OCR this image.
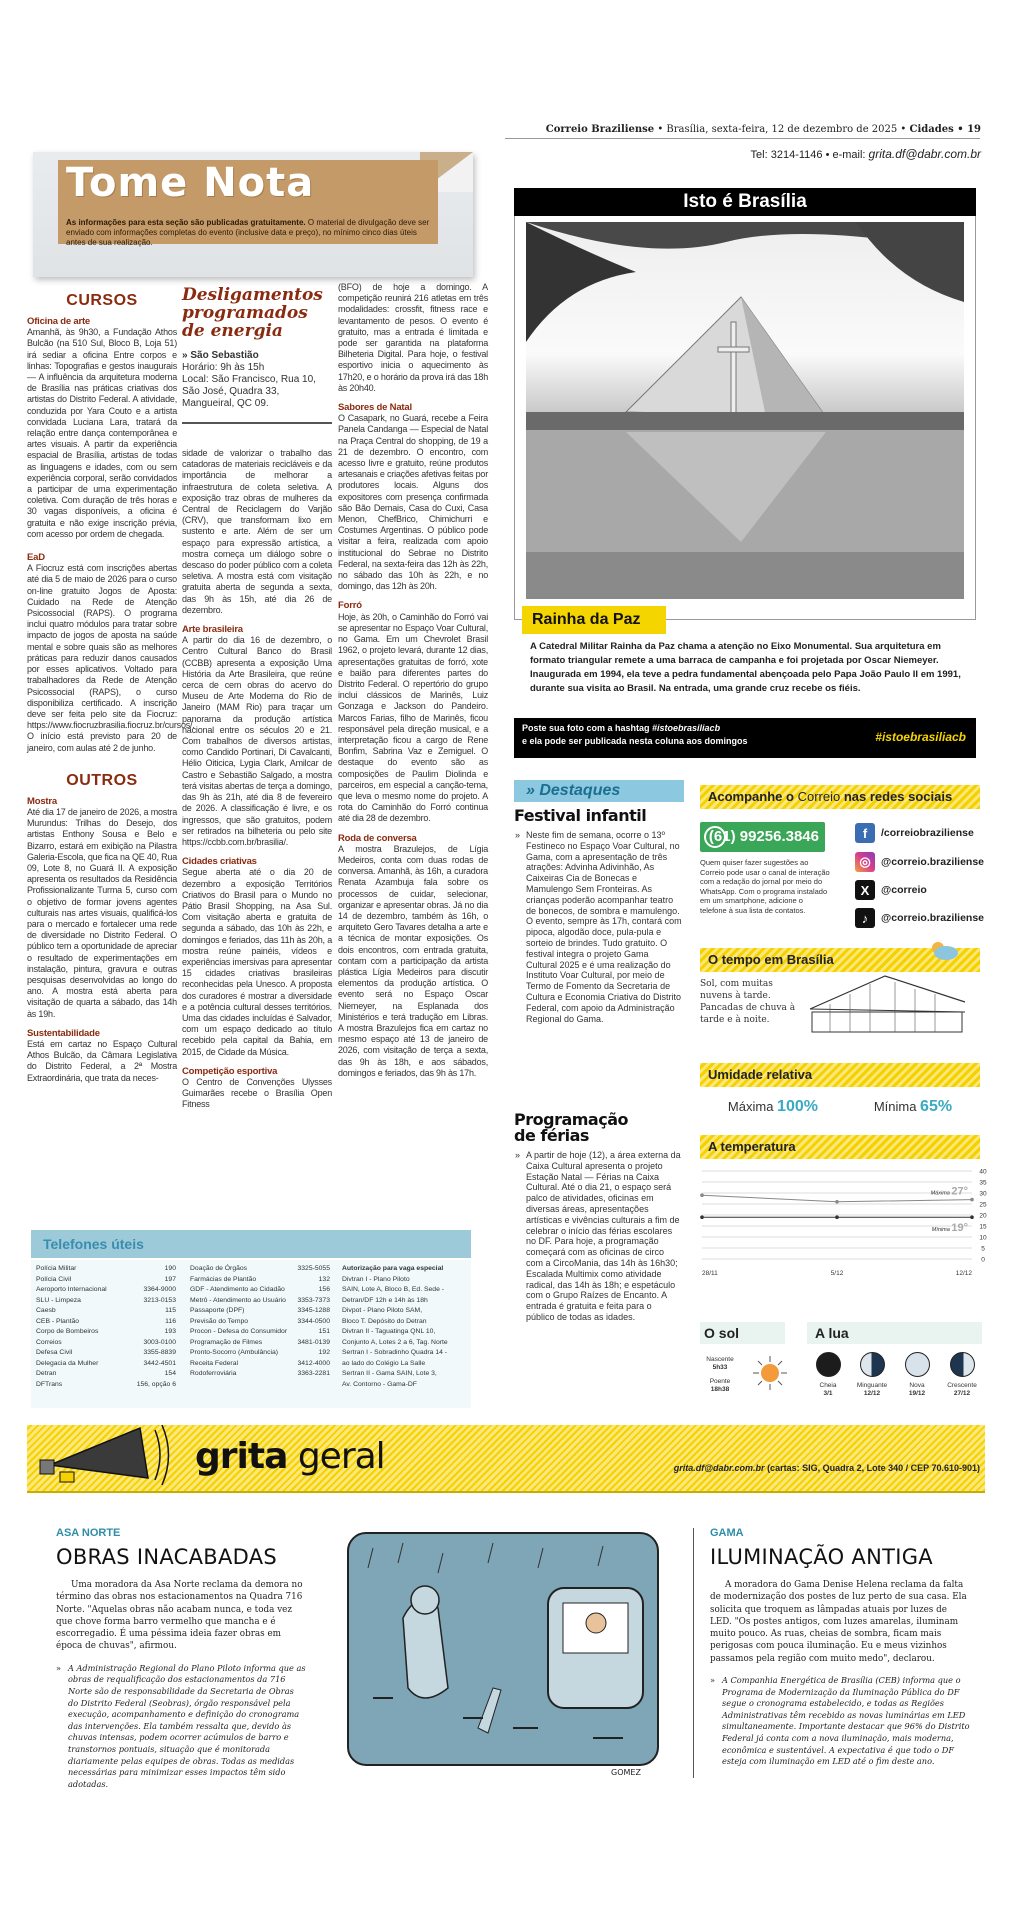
Correio Braziliense • Brasília, sexta-feira, 12 de dezembro de 2025 • Cidades • 19
Tel: 3214-1146 • e-mail: grita.df@dabr.com.br
Tome Nota
As informações para esta seção são publicadas gratuitamente. O material de divulgação deve ser enviado com informações completas do evento (inclusive data e preço), no mínimo cinco dias úteis antes de sua realização.
CURSOS
Oficina de arte
Amanhã, às 9h30, a Fundação Athos Bulcão (na 510 Sul, Bloco B, Loja 51) irá sediar a oficina Entre corpos e linhas: Topografias e gestos inaugurais — A influência da arquitetura moderna de Brasília nas práticas criativas dos artistas do Distrito Federal. A atividade, conduzida por Yara Couto e a artista convidada Luciana Lara, tratará da relação entre dança contemporânea e artes visuais. A partir da experiência espacial de Brasília, artistas de todas as linguagens e idades, com ou sem experiência corporal, serão convidados a participar de uma experimentação coletiva. Com duração de três horas e 30 vagas disponíveis, a oficina é gratuita e não exige inscrição prévia, com acesso por ordem de chegada.
EaD
A Fiocruz está com inscrições abertas até dia 5 de maio de 2026 para o curso on-line gratuito Jogos de Aposta: Cuidado na Rede de Atenção Psicossocial (RAPS). O programa inclui quatro módulos para tratar sobre impacto de jogos de aposta na saúde mental e sobre quais são as melhores práticas para reduzir danos causados por esses aplicativos. Voltado para trabalhadores da Rede de Atenção Psicossocial (RAPS), o curso disponibiliza certificado. A inscrição deve ser feita pelo site da Fiocruz: https://www.fiocruzbrasilia.fiocruz.br/cursos/. O início está previsto para 20 de janeiro, com aulas até 2 de junho.
OUTROS
Mostra
Até dia 17 de janeiro de 2026, a mostra Murundus: Trilhas do Desejo, dos artistas Enthony Sousa e Belo e Bizarro, estará em exibição na Pilastra Galeria-Escola, que fica na QE 40, Rua 09, Lote 8, no Guará II. A exposição apresenta os resultados da Residência Profissionalizante Turma 5, curso com o objetivo de formar jovens agentes culturais nas artes visuais, qualificá-los para o mercado e fortalecer uma rede de diversidade no Distrito Federal. O público tem a oportunidade de apreciar o resultado de experimentações em instalação, pintura, gravura e outras pesquisas desenvolvidas ao longo do ano. A mostra está aberta para visitação de quarta a sábado, das 14h às 19h.
Sustentabilidade
Está em cartaz no Espaço Cultural Athos Bulcão, da Câmara Legislativa do Distrito Federal, a 2ª Mostra Extraordinária, que trata da neces-
Desligamentos programados de energia
» São Sebastião
Horário: 9h às 15h
Local: São Francisco, Rua 10, São José, Quadra 33, Mangueiral, QC 09.
sidade de valorizar o trabalho das catadoras de materiais recicláveis e da importância de melhorar a infraestrutura de coleta seletiva. A exposição traz obras de mulheres da Central de Reciclagem do Varjão (CRV), que transformam lixo em sustento e arte. Além de ser um espaço para expressão artística, a mostra começa um diálogo sobre o descaso do poder público com a coleta seletiva. A mostra está com visitação gratuita aberta de segunda a sexta, das 9h às 15h, até dia 26 de dezembro.
Arte brasileira
A partir do dia 16 de dezembro, o Centro Cultural Banco do Brasil (CCBB) apresenta a exposição Uma História da Arte Brasileira, que reúne cerca de cem obras do acervo do Museu de Arte Moderna do Rio de Janeiro (MAM Rio) para traçar um panorama da produção artística nacional entre os séculos 20 e 21. Com trabalhos de diversos artistas, como Candido Portinari, Di Cavalcanti, Hélio Oiticica, Lygia Clark, Amilcar de Castro e Sebastião Salgado, a mostra terá visitas abertas de terça a domingo, das 9h às 21h, até dia 8 de fevereiro de 2026. A classificação é livre, e os ingressos, que são gratuitos, podem ser retirados na bilheteria ou pelo site https://ccbb.com.br/brasilia/.
Cidades criativas
Segue aberta até o dia 20 de dezembro a exposição Territórios Criativos do Brasil para o Mundo no Pátio Brasil Shopping, na Asa Sul. Com visitação aberta e gratuita de segunda a sábado, das 10h às 22h, e domingos e feriados, das 11h às 20h, a mostra reúne painéis, vídeos e experiências imersivas para apresentar 15 cidades criativas brasileiras reconhecidas pela Unesco. A proposta dos curadores é mostrar a diversidade e a potência cultural desses territórios. Uma das cidades incluídas é Salvador, com um espaço dedicado ao título recebido pela capital da Bahia, em 2015, de Cidade da Música.
Competição esportiva
O Centro de Convenções Ulysses Guimarães recebe o Brasília Open Fitness
(BFO) de hoje a domingo. A competição reunirá 216 atletas em três modalidades: crossfit, fitness race e levantamento de pesos. O evento é gratuito, mas a entrada é limitada e pode ser garantida na plataforma Bilheteria Digital. Para hoje, o festival esportivo inicia o aquecimento às 17h20, e o horário da prova irá das 18h às 20h40.
Sabores de Natal
O Casapark, no Guará, recebe a Feira Panela Candanga — Especial de Natal na Praça Central do shopping, de 19 a 21 de dezembro. O encontro, com acesso livre e gratuito, reúne produtos artesanais e criações afetivas feitas por produtores locais. Alguns dos expositores com presença confirmada são Bão Demais, Casa do Cuxi, Casa Menon, ChefBrico, Chimichurri e Costumes Argentinas. O público pode visitar a feira, realizada com apoio institucional do Sebrae no Distrito Federal, na sexta-feira das 12h às 22h, no sábado das 10h às 22h, e no domingo, das 12h às 20h.
Forró
Hoje, às 20h, o Caminhão do Forró vai se apresentar no Espaço Voar Cultural, no Gama. Em um Chevrolet Brasil 1962, o projeto levará, durante 12 dias, apresentações gratuitas de forró, xote e baião para diferentes partes do Distrito Federal. O repertório do grupo inclui clássicos de Marinês, Luiz Gonzaga e Jackson do Pandeiro. Marcos Farias, filho de Marinês, ficou responsável pela direção musical, e a interpretação ficou a cargo de Rene Bonfim, Sabrina Vaz e Zemiguel. O destaque do evento são as composições de Paulim Diolinda e parceiros, em especial a canção-tema, que leva o mesmo nome do projeto. A rota do Caminhão do Forró continua até dia 28 de dezembro.
Roda de conversa
A mostra Brazulejos, de Lígia Medeiros, conta com duas rodas de conversa. Amanhã, às 16h, a curadora Renata Azambuja fala sobre os processos de cuidar, selecionar, organizar e apresentar obras. Já no dia 14 de dezembro, também às 16h, o arquiteto Gero Tavares detalha a arte e a técnica de montar exposições. Os dois encontros, com entrada gratuita, contam com a participação da artista plástica Lígia Medeiros para discutir elementos da produção artística. O evento será no Espaço Oscar Niemeyer, na Esplanada dos Ministérios e terá tradução em Libras. A mostra Brazulejos fica em cartaz no mesmo espaço até 13 de janeiro de 2026, com visitação de terça a sexta, das 9h às 18h, e aos sábados, domingos e feriados, das 9h às 17h.
Isto é Brasília
Rainha da Paz
A Catedral Militar Rainha da Paz chama a atenção no Eixo Monumental. Sua arquitetura em formato triangular remete a uma barraca de campanha e foi projetada por Oscar Niemeyer. Inaugurada em 1994, ela teve a pedra fundamental abençoada pelo Papa João Paulo II em 1991, durante sua visita ao Brasil. Na entrada, uma grande cruz recebe os fiéis.
Poste sua foto com a hashtag #istoebrasiliacb
e ela pode ser publicada nesta coluna aos domingos	#istoebrasiliacb
» Destaques
Festival infantil
» Neste fim de semana, ocorre o 13º Festineco no Espaço Voar Cultural, no Gama, com a apresentação de três atrações: Advinha Adivinhão, As Caixeiras Cia de Bonecas e Mamulengo Sem Fronteiras. As crianças poderão acompanhar teatro de bonecos, de sombra e mamulengo. O evento, sempre às 17h, contará com pipoca, algodão doce, pula-pula e sorteio de brindes. Tudo gratuito. O festival integra o projeto Gama Cultural 2025 e é uma realização do Instituto Voar Cultural, por meio de Termo de Fomento da Secretaria de Cultura e Economia Criativa do Distrito Federal, com apoio da Administração Regional do Gama.
Programação de férias
» A partir de hoje (12), a área externa da Caixa Cultural apresenta o projeto Estação Natal — Férias na Caixa Cultural. Até o dia 21, o espaço será palco de atividades, oficinas em diversas áreas, apresentações artísticas e vivências culturais a fim de celebrar o início das férias escolares no DF. Para hoje, a programação começará com as oficinas de circo com a CircoMania, das 14h às 16h30; Escalada Multimix como atividade radical, das 14h às 18h; e espetáculo com o Grupo Raízes de Encanto. A entrada é gratuita e feita para o público de todas as idades.
Acompanhe o Correio nas redes sociais
(61) 99256.3846
Quem quiser fazer sugestões ao Correio pode usar o canal de interação com a redação do jornal por meio do WhatsApp. Com o programa instalado em um smartphone, adicione o telefone à sua lista de contatos.
f	/correiobraziliense
◎ @correio.braziliense
X	@correio
♪	@correio.braziliense
O tempo em Brasília
Sol, com muitas nuvens à tarde. Pancadas de chuva à tarde e à noite.
Umidade relativa
Máxima 100%	Mínima 65%
A temperatura
0
5
10
15
20
25
30
35
40
28/11	5/12	12/12
Máxima 27°
Mínima 19°
O sol	A lua
Nascente
5h33
Poente
18h38	Cheia
3/1
Minguante
12/12
Nova
19/12
Crescente
27/12
Telefones úteis
Polícia Militar	190
Polícia Civil	197
Aeroporto Internacional	3364-9000
SLU - Limpeza	3213-0153
Caesb	115
CEB - Plantão	116
Corpo de Bombeiros	193
Correios	3003-0100
Defesa Civil	3355-8839
Delegacia da Mulher	3442-4501
Detran	154
DFTrans	156, opção 6
Doação de Órgãos	3325-5055
Farmácias de Plantão	132
GDF - Atendimento ao Cidadão	156
Metrô - Atendimento ao Usuário 3353-7373
Passaporte (DPF)	3345-1288
Previsão do Tempo	3344-0500
Procon - Defesa do Consumidor	151
Programação de Filmes	3481-0139
Pronto-Socorro (Ambulância)	192
Receita Federal	3412-4000
Rodoferroviária	3363-2281
Autorização para vaga especial
Divtran I - Plano Piloto
SAIN, Lote A, Bloco B, Ed. Sede -
Detran/DF 12h e 14h às 18h
Divpot - Plano Piloto SAM,
Bloco T. Depósito do Detran
Divtran II - Taguatinga QNL 10,
Conjunto A, Lotes 2 a 6, Tag. Norte
Sertran I - Sobradinho Quadra 14 -
ao lado do Colégio La Salle
Sertran II - Gama SAIN, Lote 3,
Av. Contorno - Gama-DF
grita geral	grita.df@dabr.com.br (cartas: SIG, Quadra 2, Lote 340 / CEP 70.610-901)
ASA NORTE
OBRAS INACABADAS
Uma moradora da Asa Norte reclama da demora no término das obras nos estacionamentos na Quadra 716 Norte. "Aquelas obras não acabam nunca, e toda vez que chove forma barro vermelho que mancha e é escorregadio. É uma péssima ideia fazer obras em época de chuvas", afirmou.
» A Administração Regional do Plano Piloto informa que as obras de requalificação dos estacionamentos da 716 Norte são de responsabilidade da Secretaria de Obras do Distrito Federal (Seobras), órgão responsável pela execução, acompanhamento e definição do cronograma das intervenções. Ela também ressalta que, devido às chuvas intensas, podem ocorrer acúmulos de barro e transtornos pontuais, situação que é monitorada diariamente pelas equipes de obras. Todas as medidas necessárias para minimizar esses impactos têm sido adotadas.
GOMEZ
GAMA
ILUMINAÇÃO ANTIGA
A moradora do Gama Denise Helena reclama da falta de modernização dos postes de luz perto de sua casa. Ela solicita que troquem as lâmpadas atuais por luzes de LED. "Os postes antigos, com luzes amarelas, iluminam muito pouco. As ruas, cheias de sombra, ficam mais perigosas com pouca iluminação. Eu e meus vizinhos passamos pela região com muito medo", declarou.
» A Companhia Energética de Brasília (CEB) informa que o Programa de Modernização da Iluminação Pública do DF segue o cronograma estabelecido, e todas as Regiões Administrativas têm recebido as novas luminárias em LED simultaneamente. Importante destacar que 96% do Distrito Federal já conta com a nova iluminação, mais moderna, econômica e sustentável. A expectativa é que todo o DF esteja com iluminação em LED até o fim deste ano.
